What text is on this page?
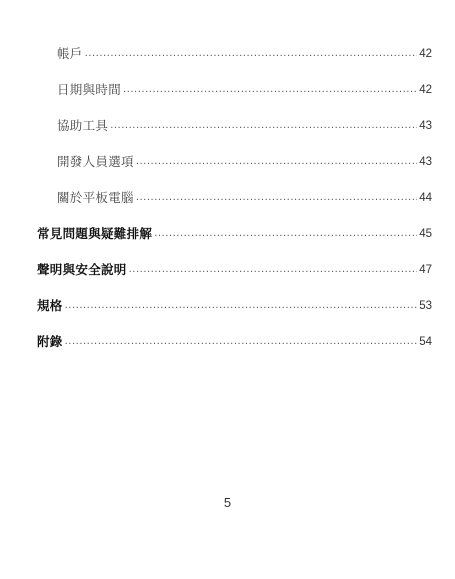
帳戶 .....	42
日期與時間 .....	42
協助工具 .....	43
開發人員選項 .....	43
關於平板電腦 .....	44
常見問題與疑難排解 .....	45
聲明與安全說明 .....	47
規格 .....	53
附錄 .....	54
5
